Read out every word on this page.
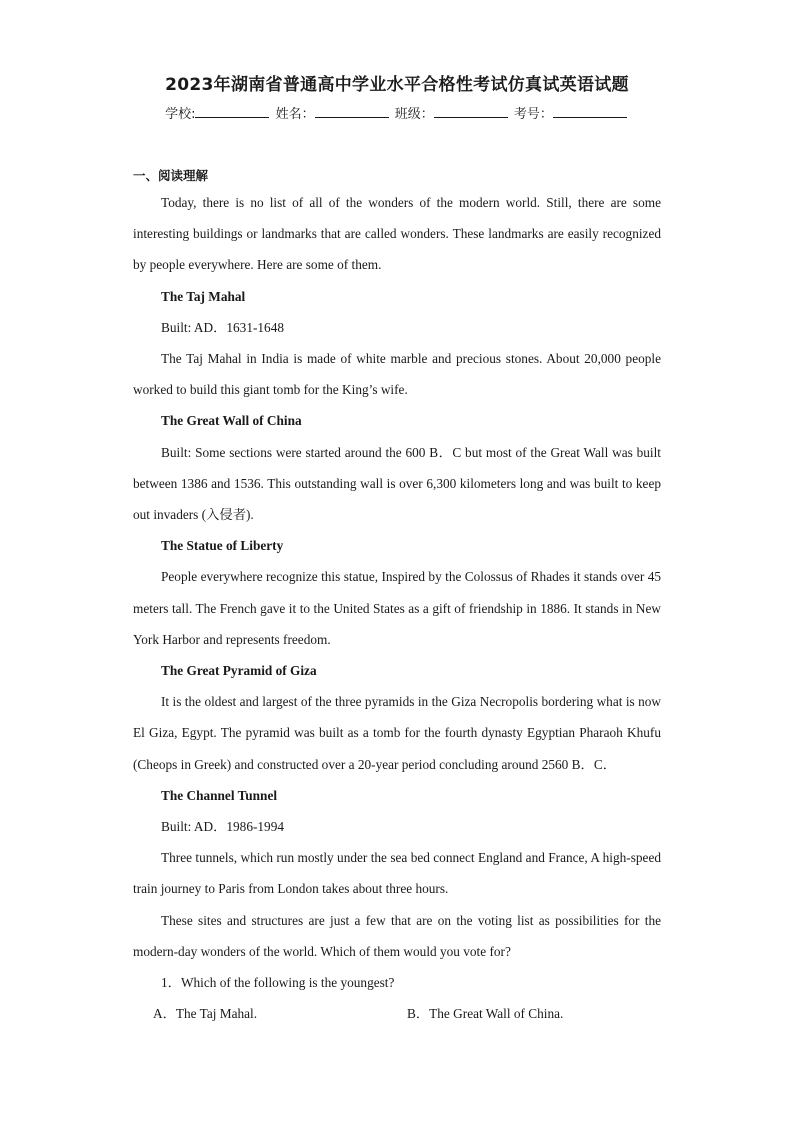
2023年湖南省普通高中学业水平合格性考试仿真试英语试题
学校:	姓名：	班级：	考号：
一、阅读理解

Today, there is no list of all of the wonders of the modern world. Still, there are some interesting buildings or landmarks that are called wonders. These landmarks are easily recognized by people everywhere. Here are some of them.

The Taj Mahal

Built: AD．1631-1648

The Taj Mahal in India is made of white marble and precious stones. About 20,000 people worked to build this giant tomb for the King’s wife.

The Great Wall of China

Built: Some sections were started around the 600 B．C but most of the Great Wall was built between 1386 and 1536. This outstanding wall is over 6,300 kilometers long and was built to keep out invaders (入侵者).

The Statue of Liberty

People everywhere recognize this statue, Inspired by the Colossus of Rhades it stands over 45 meters tall. The French gave it to the United States as a gift of friendship in 1886. It stands in New York Harbor and represents freedom.

The Great Pyramid of Giza

It is the oldest and largest of the three pyramids in the Giza Necropolis bordering what is now El Giza, Egypt. The pyramid was built as a tomb for the fourth dynasty Egyptian Pharaoh Khufu (Cheops in Greek) and constructed over a 20-year period concluding around 2560 B．C．

The Channel Tunnel

Built: AD．1986-1994

Three tunnels, which run mostly under the sea bed connect England and France, A high-speed train journey to Paris from London takes about three hours.

These sites and structures are just a few that are on the voting list as possibilities for the modern-day wonders of the world. Which of them would you vote for?

1．Which of the following is the youngest?

A．The Taj Mahal.	B．The Great Wall of China.
